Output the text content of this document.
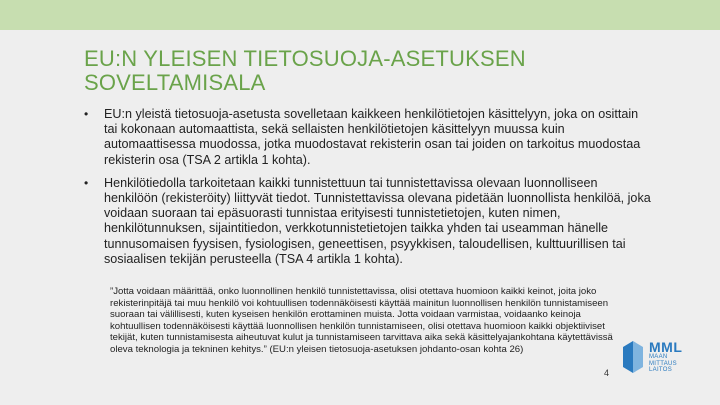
EU:N YLEISEN TIETOSUOJA-ASETUKSEN SOVELTAMISALA
•	EU:n yleistä tietosuoja-asetusta sovelletaan kaikkeen henkilötietojen käsittelyyn, joka on osittain tai kokonaan automaattista, sekä sellaisten henkilötietojen käsittelyyn muussa kuin automaattisessa muodossa, jotka muodostavat rekisterin osan tai joiden on tarkoitus muodostaa rekisterin osa (TSA 2 artikla 1 kohta).
•	Henkilötiedolla tarkoitetaan kaikki tunnistettuun tai tunnistettavissa olevaan luonnolliseen henkilöön (rekisteröity) liittyvät tiedot. Tunnistettavissa olevana pidetään luonnollista henkilöä, joka voidaan suoraan tai epäsuorasti tunnistaa erityisesti tunnistetietojen, kuten nimen, henkilötunnuksen, sijaintitiedon, verkkotunnistetietojen taikka yhden tai useamman hänelle tunnusomaisen fyysisen, fysiologisen, geneettisen, psyykkisen, taloudellisen, kulttuurillisen tai sosiaalisen tekijän perusteella (TSA 4 artikla 1 kohta).
”Jotta voidaan määrittää, onko luonnollinen henkilö tunnistettavissa, olisi otettava huomioon kaikki keinot, joita joko rekisterinpitäjä tai muu henkilö voi kohtuullisen todennäköisesti käyttää mainitun luonnollisen henkilön tunnistamiseen suoraan tai välillisesti, kuten kyseisen henkilön erottaminen muista. Jotta voidaan varmistaa, voidaanko keinoja kohtuullisen todennäköisesti käyttää luonnollisen henkilön tunnistamiseen, olisi otettava huomioon kaikki objektiiviset tekijät, kuten tunnistamisesta aiheutuvat kulut ja tunnistamiseen tarvittava aika sekä käsittelyajankohtana käytettävissä oleva teknologia ja tekninen kehitys.” (EU:n yleisen tietosuoja-asetuksen johdanto-osan kohta 26)	MML
MAAN
MITTAUS
LAITOS
4
